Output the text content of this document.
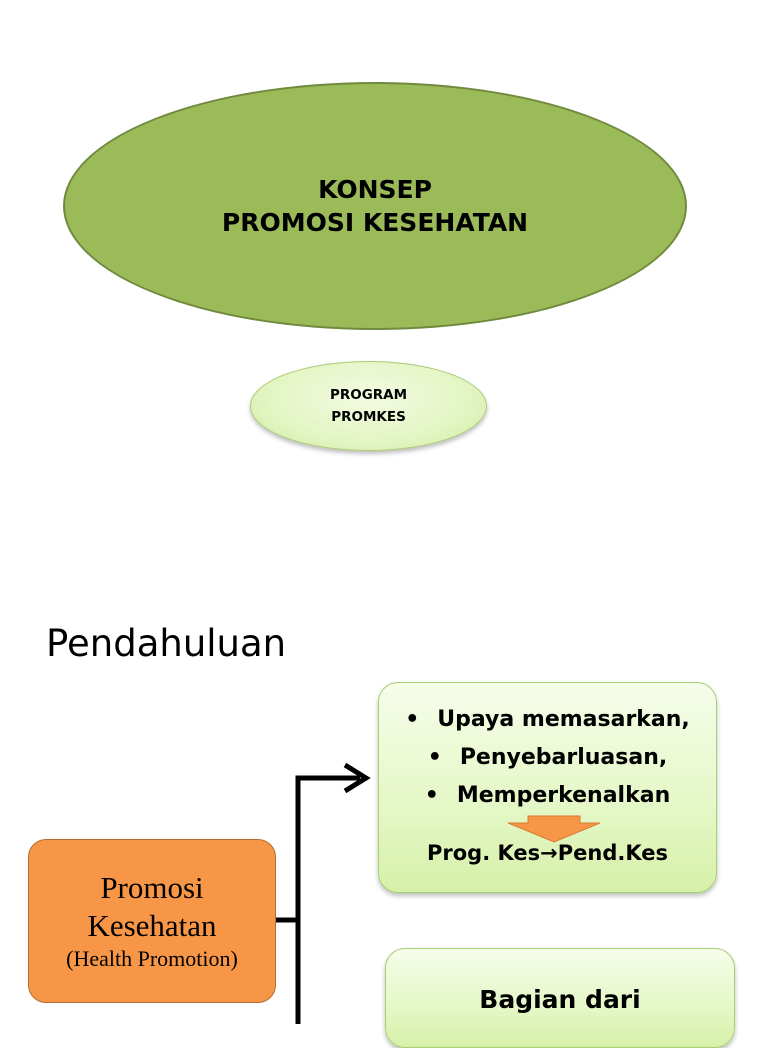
KONSEP
PROMOSI KESEHATAN
PROGRAM
PROMKES
Pendahuluan
Promosi
Kesehatan
(Health Promotion)
• Upaya memasarkan,
• Penyebarluasan,
• Memperkenalkan
Prog. Kes→Pend.Kes
Bagian dari
